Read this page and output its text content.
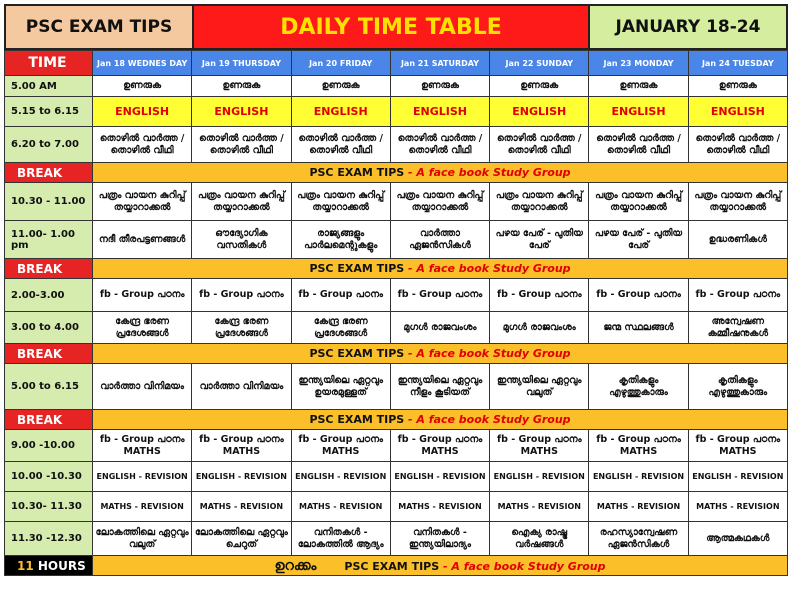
PSC EXAM TIPS	DAILY TIME TABLE	JANUARY 18-24
TIME	Jan 18 WEDNES DAY	Jan 19 THURSDAY	Jan 20 FRIDAY	Jan 21 SATURDAY	Jan 22 SUNDAY	Jan 23 MONDAY	Jan 24 TUESDAY
5.00 AM	ഉണരുക	ഉണരുക	ഉണരുക	ഉണരുക	ഉണരുക	ഉണരുക	ഉണരുക
5.15 to 6.15	ENGLISH	ENGLISH	ENGLISH	ENGLISH	ENGLISH	ENGLISH	ENGLISH
6.20 to 7.00	തൊഴിൽ വാർത്ത / തൊഴിൽ വീഥി	തൊഴിൽ വാർത്ത / തൊഴിൽ വീഥി	തൊഴിൽ വാർത്ത / തൊഴിൽ വീഥി	തൊഴിൽ വാർത്ത / തൊഴിൽ വീഥി	തൊഴിൽ വാർത്ത / തൊഴിൽ വീഥി	തൊഴിൽ വാർത്ത / തൊഴിൽ വീഥി	തൊഴിൽ വാർത്ത / തൊഴിൽ വീഥി
BREAK	PSC EXAM TIPS - A face book Study Group						
10.30 - 11.00	പത്രം വായന കുറിപ്പ് തയ്യാറാക്കൽ	പത്രം വായന കുറിപ്പ് തയ്യാറാക്കൽ	പത്രം വായന കുറിപ്പ് തയ്യാറാക്കൽ	പത്രം വായന കുറിപ്പ് തയ്യാറാക്കൽ	പത്രം വായന കുറിപ്പ് തയ്യാറാക്കൽ	പത്രം വായന കുറിപ്പ് തയ്യാറാക്കൽ	പത്രം വായന കുറിപ്പ് തയ്യാറാക്കൽ
11.00- 1.00 pm	നദീ തീരപട്ടണങ്ങൾ	ഔദ്യോഗിക വസതികൾ	രാജ്യങ്ങളും പാർലമെന്റുകളും	വാർത്താ ഏജൻസികൾ	പഴയ പേര് - പുതിയ പേര്	പഴയ പേര് - പുതിയ പേര്	ഉദ്ധരണികൾ
BREAK	PSC EXAM TIPS - A face book Study Group						
2.00-3.00	fb - Group പഠനം	fb - Group പഠനം	fb - Group പഠനം	fb - Group പഠനം	fb - Group പഠനം	fb - Group പഠനം	fb - Group പഠനം
3.00 to 4.00	കേന്ദ്ര ഭരണ പ്രദേശങ്ങൾ	കേന്ദ്ര ഭരണ പ്രദേശങ്ങൾ	കേന്ദ്ര ഭരണ പ്രദേശങ്ങൾ	മുഗൾ രാജവംശം	മുഗൾ രാജവംശം	ജന്മ സ്ഥലങ്ങൾ	അന്വേഷണ കമ്മീഷനുകൾ
BREAK	PSC EXAM TIPS - A face book Study Group						
5.00 to 6.15	വാർത്താ വിനിമയം	വാർത്താ വിനിമയം	ഇന്ത്യയിലെ ഏറ്റവും ഉയരമുള്ളത്	ഇന്ത്യയിലെ ഏറ്റവും നീളം കൂടിയത്	ഇന്ത്യയിലെ ഏറ്റവും വലുത്	കൃതികളും എഴുത്തുകാരും	കൃതികളും എഴുത്തുകാരും
BREAK	PSC EXAM TIPS - A face book Study Group						
9.00 -10.00	fb - Group പഠനം MATHS	fb - Group പഠനം MATHS	fb - Group പഠനം MATHS	fb - Group പഠനം MATHS	fb - Group പഠനം MATHS	fb - Group പഠനം MATHS	fb - Group പഠനം MATHS
10.00 -10.30	ENGLISH - REVISION	ENGLISH - REVISION	ENGLISH - REVISION	ENGLISH - REVISION	ENGLISH - REVISION	ENGLISH - REVISION	ENGLISH - REVISION
10.30- 11.30	MATHS - REVISION	MATHS - REVISION	MATHS - REVISION	MATHS - REVISION	MATHS - REVISION	MATHS - REVISION	MATHS - REVISION
11.30 -12.30	ലോകത്തിലെ ഏറ്റവും വലുത്	ലോകത്തിലെ ഏറ്റവും ചെറുത്	വനിതകൾ - ലോകത്തിൽ ആദ്യം	വനിതകൾ - ഇന്ത്യയിലാദ്യം	ഐക്യ രാഷ്ട്ര വർഷങ്ങൾ	രഹസ്യാന്വേഷണ ഏജൻസികൾ	ആത്മകഥകൾ
11 HOURS	ഉറക്കം PSC EXAM TIPS - A face book Study Group						
